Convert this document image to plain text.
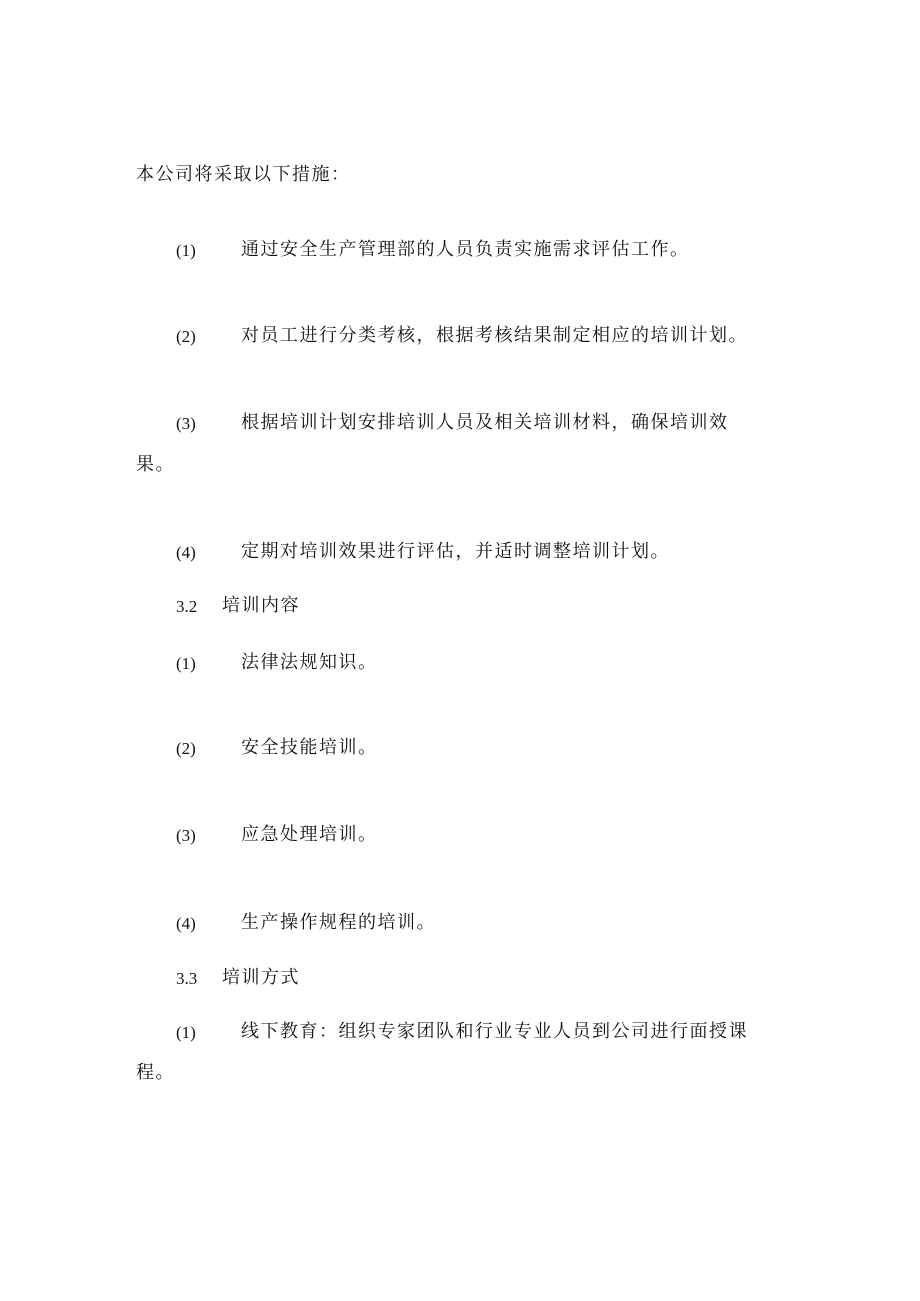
本公司将采取以下措施：
(1)	通过安全生产管理部的人员负责实施需求评估工作。
(2)	对员工进行分类考核，根据考核结果制定相应的培训计划。
(3)	根据培训计划安排培训人员及相关培训材料，确保培训效
果。
(4)	定期对培训效果进行评估，并适时调整培训计划。
3.2 培训内容
(1)	法律法规知识。
(2)	安全技能培训。
(3)	应急处理培训。
(4)	生产操作规程的培训。
3.3 培训方式
(1)	线下教育：组织专家团队和行业专业人员到公司进行面授课
程。
